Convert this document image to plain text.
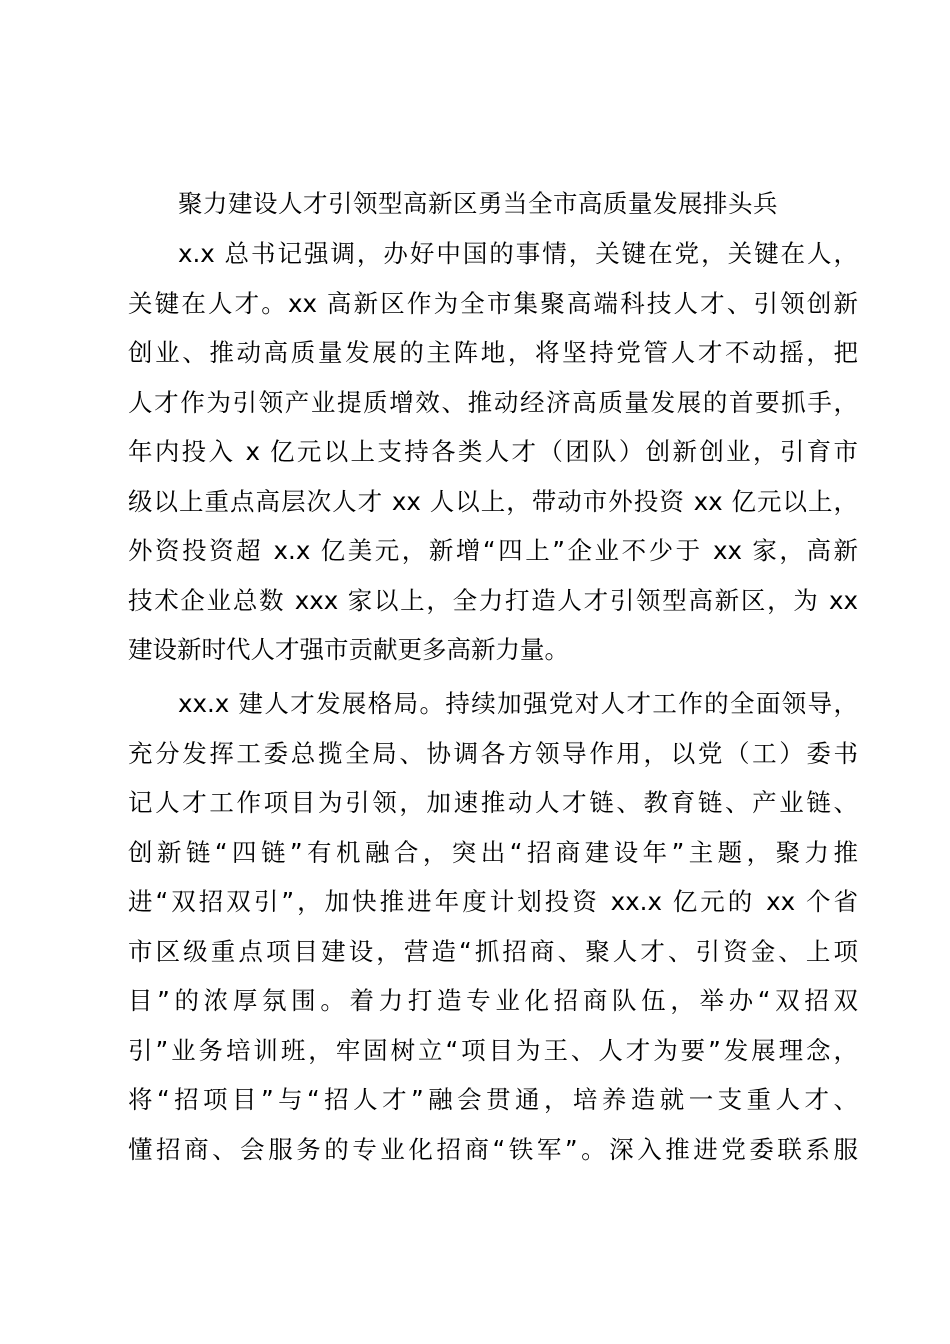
聚力建设人才引领型高新区勇当全市高质量发展排头兵
x.x 总书记强调，办好中国的事情，关键在党，关键在人，
关键在人才。xx 高新区作为全市集聚高端科技人才、引领创新
创业、推动高质量发展的主阵地，将坚持党管人才不动摇，把
人才作为引领产业提质增效、推动经济高质量发展的首要抓手，
年内投入 x 亿元以上支持各类人才（团队）创新创业，引育市
级以上重点高层次人才 xx 人以上，带动市外投资 xx 亿元以上，
外资投资超 x.x 亿美元，新增“四上”企业不少于 xx 家，高新
技术企业总数 xxx 家以上，全力打造人才引领型高新区，为 xx
建设新时代人才强市贡献更多高新力量。
xx.x 建人才发展格局。持续加强党对人才工作的全面领导，
充分发挥工委总揽全局、协调各方领导作用，以党（工）委书
记人才工作项目为引领，加速推动人才链、教育链、产业链、
创新链“四链”有机融合，突出“招商建设年”主题，聚力推
进“双招双引”，加快推进年度计划投资 xx.x 亿元的 xx 个省
市区级重点项目建设，营造“抓招商、聚人才、引资金、上项
目”的浓厚氛围。着力打造专业化招商队伍，举办“双招双
引”业务培训班，牢固树立“项目为王、人才为要”发展理念，
将“招项目”与“招人才”融会贯通，培养造就一支重人才、
懂招商、会服务的专业化招商“铁军”。深入推进党委联系服
